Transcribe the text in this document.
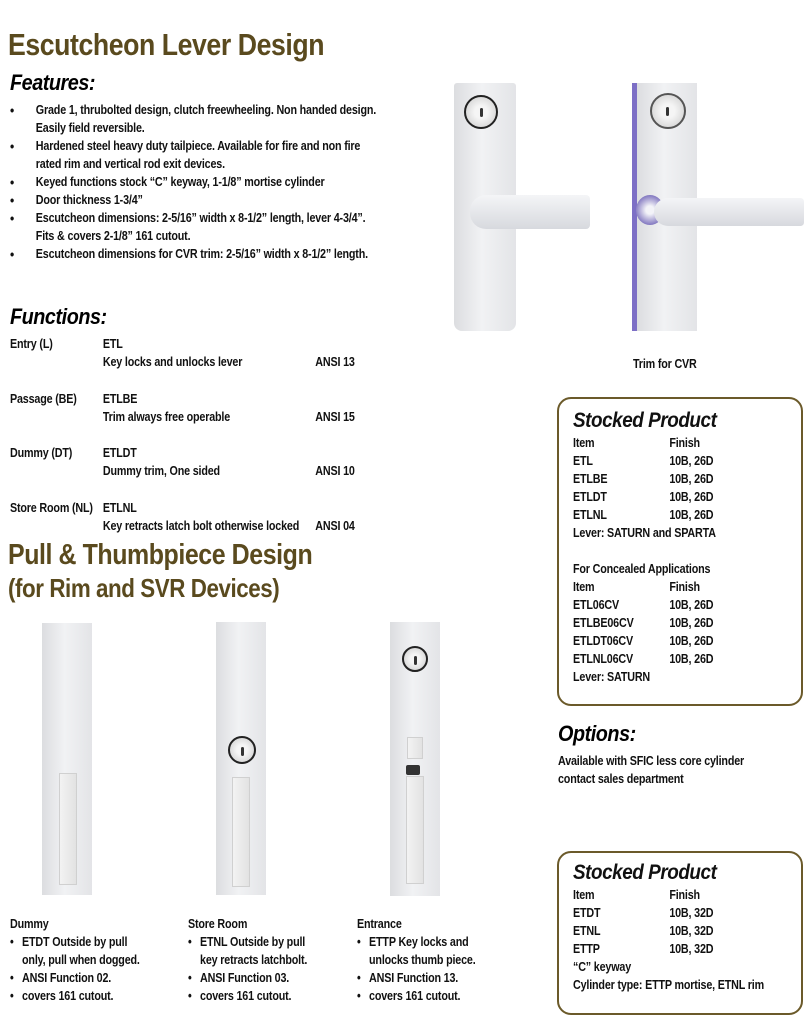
Escutcheon Lever Design
Features:
• Grade 1, thrubolted design, clutch freewheeling. Non handed design.
Easily field reversible.
• Hardened steel heavy duty tailpiece. Available for fire and non fire
rated rim and vertical rod exit devices.
• Keyed functions stock “C” keyway, 1-1/8” mortise cylinder
• Door thickness 1-3/4”
• Escutcheon dimensions: 2-5/16” width x 8-1/2” length, lever 4-3/4”.
Fits & covers 2-1/8” 161 cutout.
• Escutcheon dimensions for CVR trim: 2-5/16” width x 8-1/2” length.
Functions:
Entry (L)	ETL
Key locks and unlocks lever	ANSI 13
Passage (BE) ETLBE
Trim always free operable	ANSI 15
Dummy (DT) ETLDT
Dummy trim, One sided	ANSI 10
Store Room (NL) ETLNL
Key retracts latch bolt otherwise locked ANSI 04
Trim for CVR
Stocked Product
Item	Finish
ETL	10B, 26D
ETLBE	10B, 26D
ETLDT	10B, 26D
ETLNL	10B, 26D
Lever: SATURN and SPARTA
For Concealed Applications
Item	Finish
ETL06CV	10B, 26D
ETLBE06CV	10B, 26D
ETLDT06CV	10B, 26D
ETLNL06CV	10B, 26D
Lever: SATURN
Options:
Available with SFIC less core cylinder
contact sales department
Pull & Thumbpiece Design
(for Rim and SVR Devices)
Dummy
• ETDT Outside by pull
only, pull when dogged.
• ANSI Function 02.
• covers 161 cutout.
Store Room
• ETNL Outside by pull
key retracts latchbolt.
• ANSI Function 03.
• covers 161 cutout.
Entrance
• ETTP Key locks and
unlocks thumb piece.
• ANSI Function 13.
• covers 161 cutout.
Stocked Product
Item	Finish
ETDT	10B, 32D
ETNL	10B, 32D
ETTP	10B, 32D
“C” keyway
Cylinder type: ETTP mortise, ETNL rim
